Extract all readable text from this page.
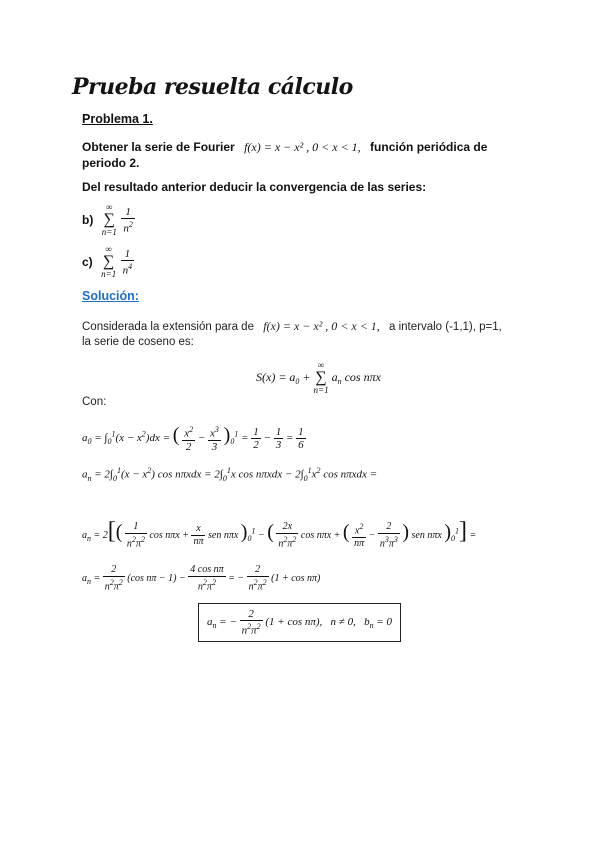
Prueba resuelta cálculo
Problema 1.
Obtener la serie de Fourier f(x) = x − x² , 0 < x < 1, función periódica de
periodo 2.
Del resultado anterior deducir la convergencia de las series:
b) ∞
∑
$n=1 \frac{1}{n^2}$
c) ∞
∑
$n=1 \frac{1}{n^4}$
Solución:
Considerada la extensión para de f(x) = x − x² , 0 < x < 1, a intervalo (-1,1), p=1,
la serie de coseno es:
$S(x) = a_0$ + ∞
∑
n=1 $a_n$ cos nπx
Con:
$a_0 = \int_0^1(x - x^2)dx$ = ( $\frac{x^2}{2} - \frac{x^3}{3} )_0^1 = \frac{1}{2} - \frac{1}{3} = \frac{1}{6}$
$a_n = 2\int_0^1(x - x^2)$ $\cos n\pi xdx = 2\int_0^1x$ $\cos n\pi xdx - 2\int_0^1x^2$ cos nπxdx =
$a_n = 2[( \frac{1}{n^2\pi^2}$ $\cos n\pi x + \frac{x}{n\pi}$ sen nπx )$_0^1$ − ( $\frac{2x}{n^2\pi^2}$ cos nπx + ( $\frac{x^2}{n\pi} - \frac{2}{n^3\pi^3}$ ) sen nπx )$_0^1$] =
$a_n = \frac{2}{n^2\pi^2} (\cos$ $n\pi - 1) - \frac{\text{4 cos nπ}}{n^2\pi^2}$ = − $\frac{2}{n^2\pi^2} (1 + \cos n\pi)$
$a_n$ = − $\frac{2}{n^2\pi^2} (1 + \cos n\pi)$,   n ≠ 0,   $b_n = 0$
